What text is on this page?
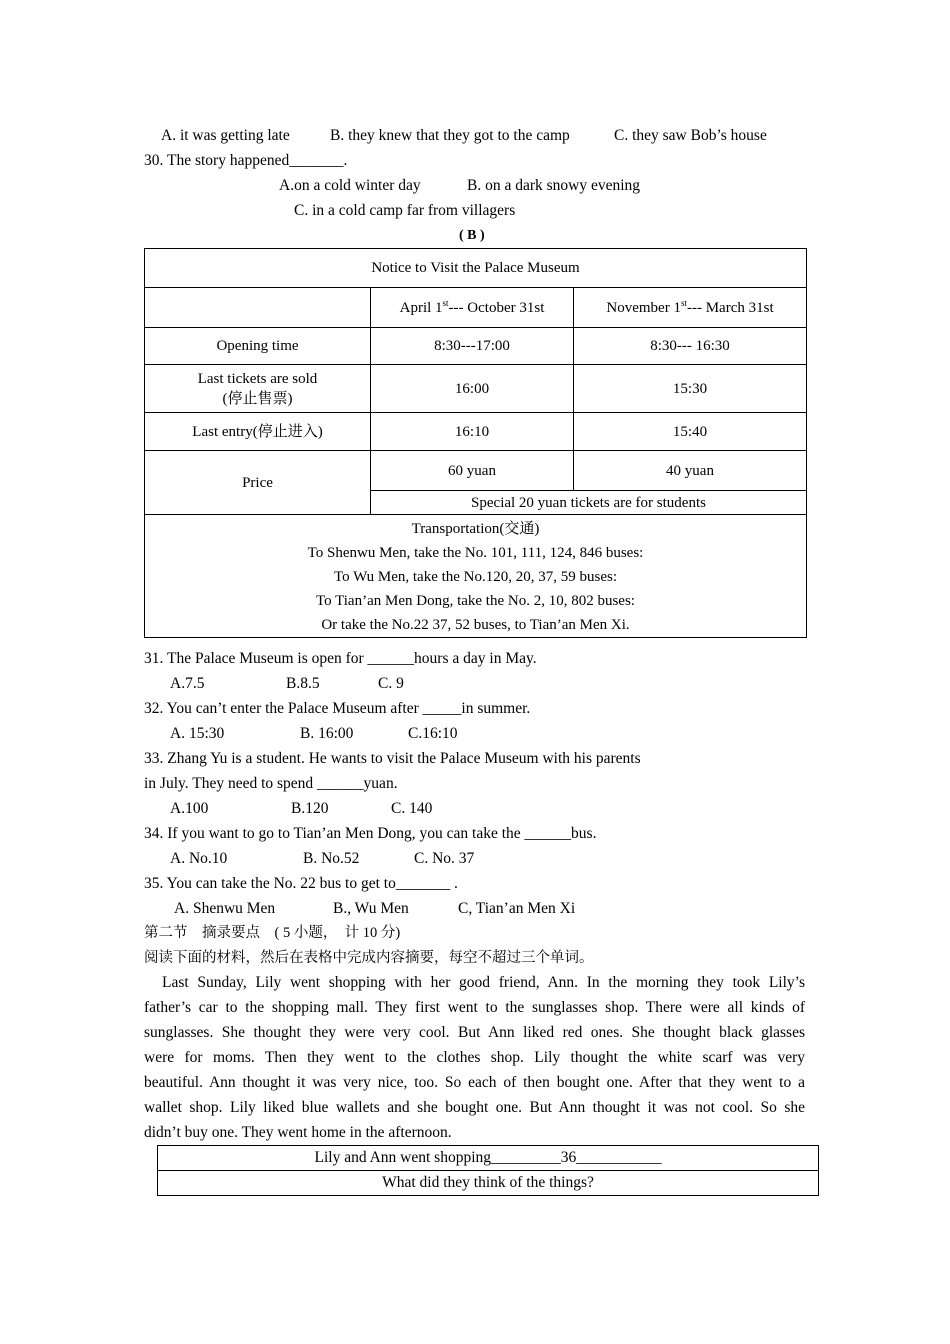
A. it was getting late	B. they knew that they got to the camp	C. they saw Bob’s house
30. The story happened_______.
A.on a cold winter day	B. on a dark snowy evening
C. in a cold camp far from villagers
( B )
Notice to Visit the Palace Museum		
	April 1st--- October 31st	November 1st--- March 31st
Opening time	8:30---17:00	8:30--- 16:30

Last tickets are sold
(停止售票)	16:00	15:30
Last entry(停止进入)	16:10	15:40
Price	60 yuan	40 yuan
	Special 20 yuan tickets are for students	

Transportation(交通)
To Shenwu Men, take the No. 101, 111, 124, 846 buses:
To Wu Men, take the No.120, 20, 37, 59 buses:
To Tian’an Men Dong, take the No. 2, 10, 802 buses:
Or take the No.22 37, 52 buses, to Tian’an Men Xi.		
31. The Palace Museum is open for ______hours a day in May.
A.7.5	B.8.5	C. 9
32. You can’t enter the Palace Museum after _____in summer.
A. 15:30	B. 16:00	C.16:10
33. Zhang Yu is a student. He wants to visit the Palace Museum with his parents
in July. They need to spend ______yuan.
A.100	B.120	C. 140
34. If you want to go to Tian’an Men Dong, you can take the ______bus.
A. No.10	B. No.52	C. No. 37
35. You can take the No. 22 bus to get to_______ .
A. Shenwu Men	B., Wu Men	C, Tian’an Men Xi
第二节　摘录要点　( 5 小题，　计 10 分)
阅读下面的材料，然后在表格中完成内容摘要，每空不超过三个单词。
Last Sunday, Lily went shopping with her good friend, Ann. In the morning they took Lily’s
father’s car to the shopping mall. They first went to the sunglasses shop. There were all kinds of
sunglasses. She thought they were very cool. But Ann liked red ones. She thought black glasses
were for moms. Then they went to the clothes shop. Lily thought the white scarf was very
beautiful. Ann thought it was very nice, too. So each of then bought one. After that they went to a
wallet shop. Lily liked blue wallets and she bought one. But Ann thought it was not cool. So she
didn’t buy one. They went home in the afternoon.
Lily and Ann went shopping_________36___________
What did they think of the things?
